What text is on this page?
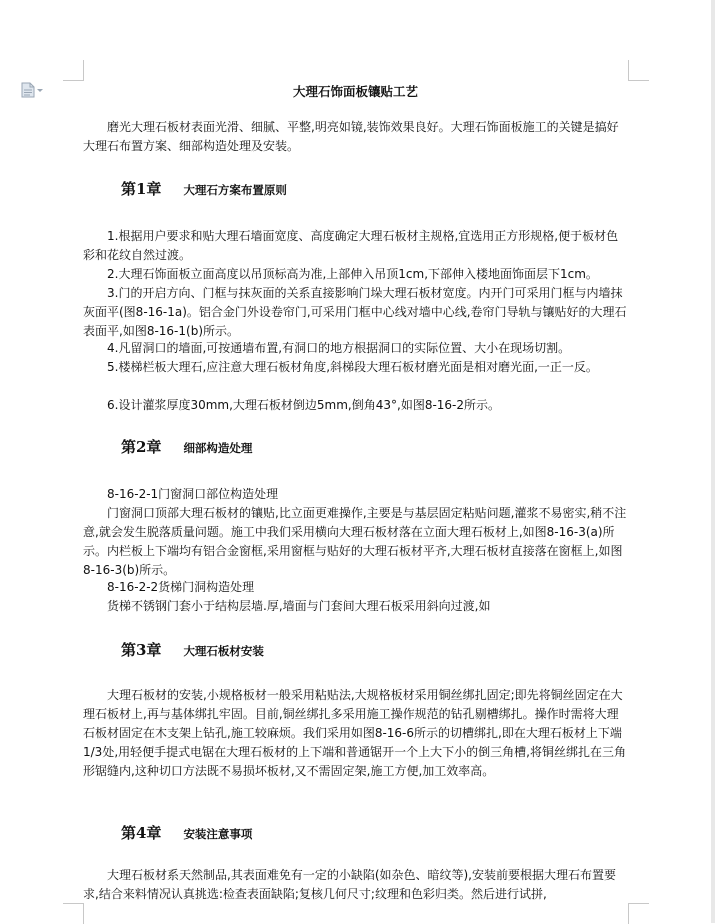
大理石饰面板镶贴工艺

磨光大理石板材表面光滑、细腻、平整,明亮如镜,装饰效果良好。大理石饰面板施工的关键是搞好大理石布置方案、细部构造处理及安装。

第1章 大理石方案布置原则

1.根据用户要求和贴大理石墙面宽度、高度确定大理石板材主规格,宜选用正方形规格,便于板材色彩和花纹自然过渡。

2.大理石饰面板立面高度以吊顶标高为准,上部伸入吊顶1cm,下部伸入楼地面饰面层下1cm。

3.门的开启方向、门框与抹灰面的关系直接影响门垛大理石板材宽度。内开门可采用门框与内墙抹灰面平(图8-16-1a)。铝合金门外设卷帘门,可采用门框中心线对墙中心线,卷帘门导轨与镶贴好的大理石表面平,如图8-16-1(b)所示。

4.凡留洞口的墙面,可按通墙布置,有洞口的地方根据洞口的实际位置、大小在现场切割。

5.楼梯栏板大理石,应注意大理石板材角度,斜梯段大理石板材磨光面是相对磨光面,一正一反。

6.设计灌浆厚度30mm,大理石板材倒边5mm,倒角43°,如图8-16-2所示。

第2章 细部构造处理

8-16-2-1门窗洞口部位构造处理

门窗洞口顶部大理石板材的镶贴,比立面更难操作,主要是与基层固定粘贴问题,灌浆不易密实,稍不注意,就会发生脱落质量问题。施工中我们采用横向大理石板材落在立面大理石板材上,如图8-16-3(a)所示。内栏板上下端均有铝合金窗框,采用窗框与贴好的大理石板材平齐,大理石板材直接落在窗框上,如图8-16-3(b)所示。

8-16-2-2货梯门洞构造处理

货梯不锈钢门套小于结构层墙.厚,墙面与门套间大理石板采用斜向过渡,如

第3章 大理石板材安装

大理石板材的安装,小规格板材一般采用粘贴法,大规格板材采用铜丝绑扎固定;即先将铜丝固定在大理石板材上,再与基体绑扎牢固。目前,铜丝绑扎多采用施工操作规范的钻孔剔槽绑扎。操作时需将大理石板材固定在木支架上钻孔,施工较麻烦。我们采用如图8-16-6所示的切槽绑扎,即在大理石板材上下端1/3处,用轻便手提式电锯在大理石板材的上下端和普通锯开一个上大下小的倒三角槽,将铜丝绑扎在三角形锯缝内,这种切口方法既不易损坏板材,又不需固定架,施工方便,加工效率高。

第4章 安装注意事项

大理石板材系天然制品,其表面难免有一定的小缺陷(如杂色、暗纹等),安装前要根据大理石布置要求,结合来料情况认真挑选:检查表面缺陷;复核几何尺寸;纹理和色彩归类。然后进行试拼,
